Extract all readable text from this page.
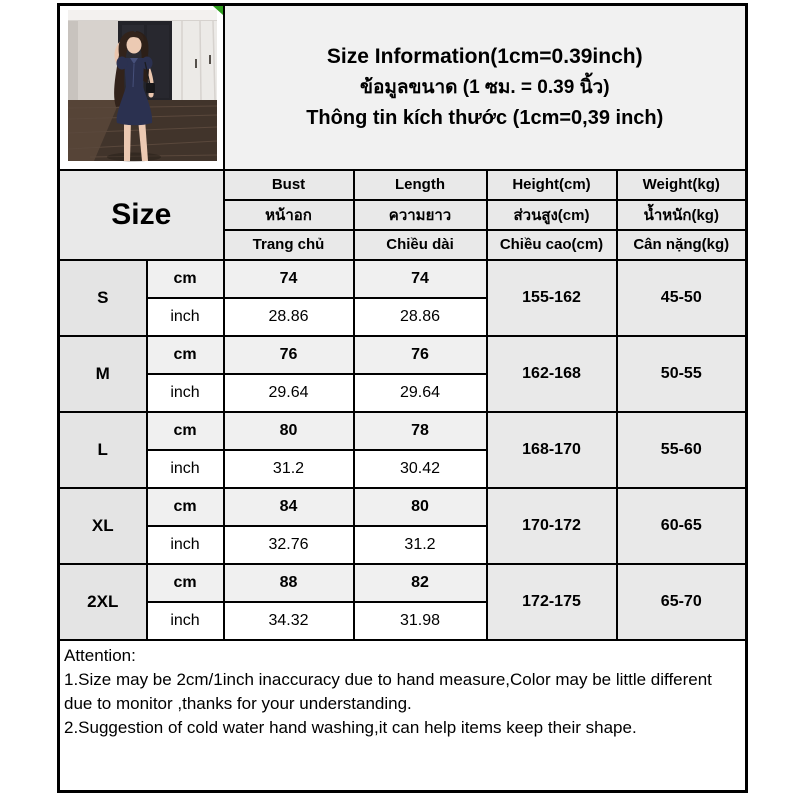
Size Information(1cm=0.39inch)
ข้อมูลขนาด (1 ซม. = 0.39 นิ้ว)
Thông tin kích thước (1cm=0,39 inch)			

Size		Bust	Length	Height(cm)	Weight(kg)
		หน้าอก	ความยาว	ส่วนสูง(cm)	น้ำหนัก(kg)
		Trang chủ	Chiều dài	Chiều cao(cm)	Cân nặng(kg)
S	cm	74	74	155-162	45-50
	inch	28.86	28.86		
M	cm	76	76	162-168	50-55
	inch	29.64	29.64		
L	cm	80	78	168-170	55-60
	inch	31.2	30.42		
XL	cm	84	80	170-172	60-65
	inch	32.76	31.2		
2XL	cm	88	82	172-175	65-70
	inch	34.32	31.98		

Attention:
1.Size may be 2cm/1inch inaccuracy due to hand measure,Color may be little different due to monitor ,thanks for your understanding.
2.Suggestion of cold water hand washing,it can help items keep their shape.					
